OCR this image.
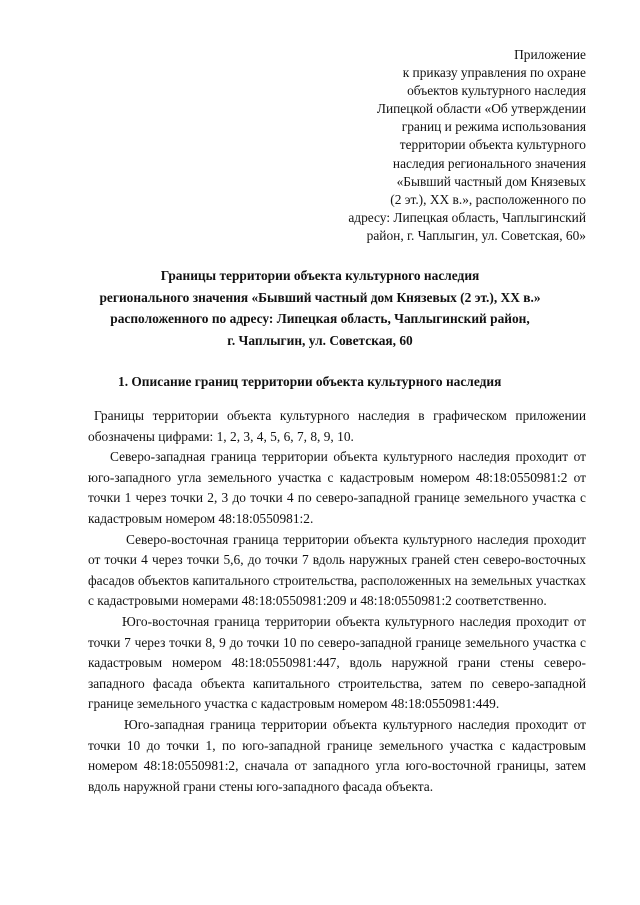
Приложение
к приказу управления по охране
объектов культурного наследия
Липецкой области «Об утверждении
границ и режима использования
территории объекта культурного
наследия регионального значения
«Бывший частный дом Князевых
(2 эт.), XX в.», расположенного по
адресу: Липецкая область, Чаплыгинский
район, г. Чаплыгин, ул. Советская, 60»
Границы территории объекта культурного наследия
регионального значения «Бывший частный дом Князевых (2 эт.), XX в.»
расположенного по адресу: Липецкая область, Чаплыгинский район,
г. Чаплыгин, ул. Советская, 60
1. Описание границ территории объекта культурного наследия

Границы территории объекта культурного наследия в графическом приложении обозначены цифрами: 1, 2, 3, 4, 5, 6, 7, 8, 9, 10.

Северо-западная граница территории объекта культурного наследия проходит от юго-западного угла земельного участка с кадастровым номером 48:18:0550981:2 от точки 1 через точки 2, 3 до точки 4 по северо-западной границе земельного участка с кадастровым номером 48:18:0550981:2.

Северо-восточная граница территории объекта культурного наследия проходит от точки 4 через точки 5,6, до точки 7 вдоль наружных граней стен северо-восточных фасадов объектов капитального строительства, расположенных на земельных участках с кадастровыми номерами 48:18:0550981:209 и 48:18:0550981:2 соответственно.

Юго-восточная граница территории объекта культурного наследия проходит от точки 7 через точки 8, 9 до точки 10 по северо-западной границе земельного участка с кадастровым номером 48:18:0550981:447, вдоль наружной грани стены северо-западного фасада объекта капитального строительства, затем по северо-западной границе земельного участка с кадастровым номером 48:18:0550981:449.

Юго-западная граница территории объекта культурного наследия проходит от точки 10 до точки 1, по юго-западной границе земельного участка с кадастровым номером 48:18:0550981:2, сначала от западного угла юго-восточной границы, затем вдоль наружной грани стены юго-западного фасада объекта.
